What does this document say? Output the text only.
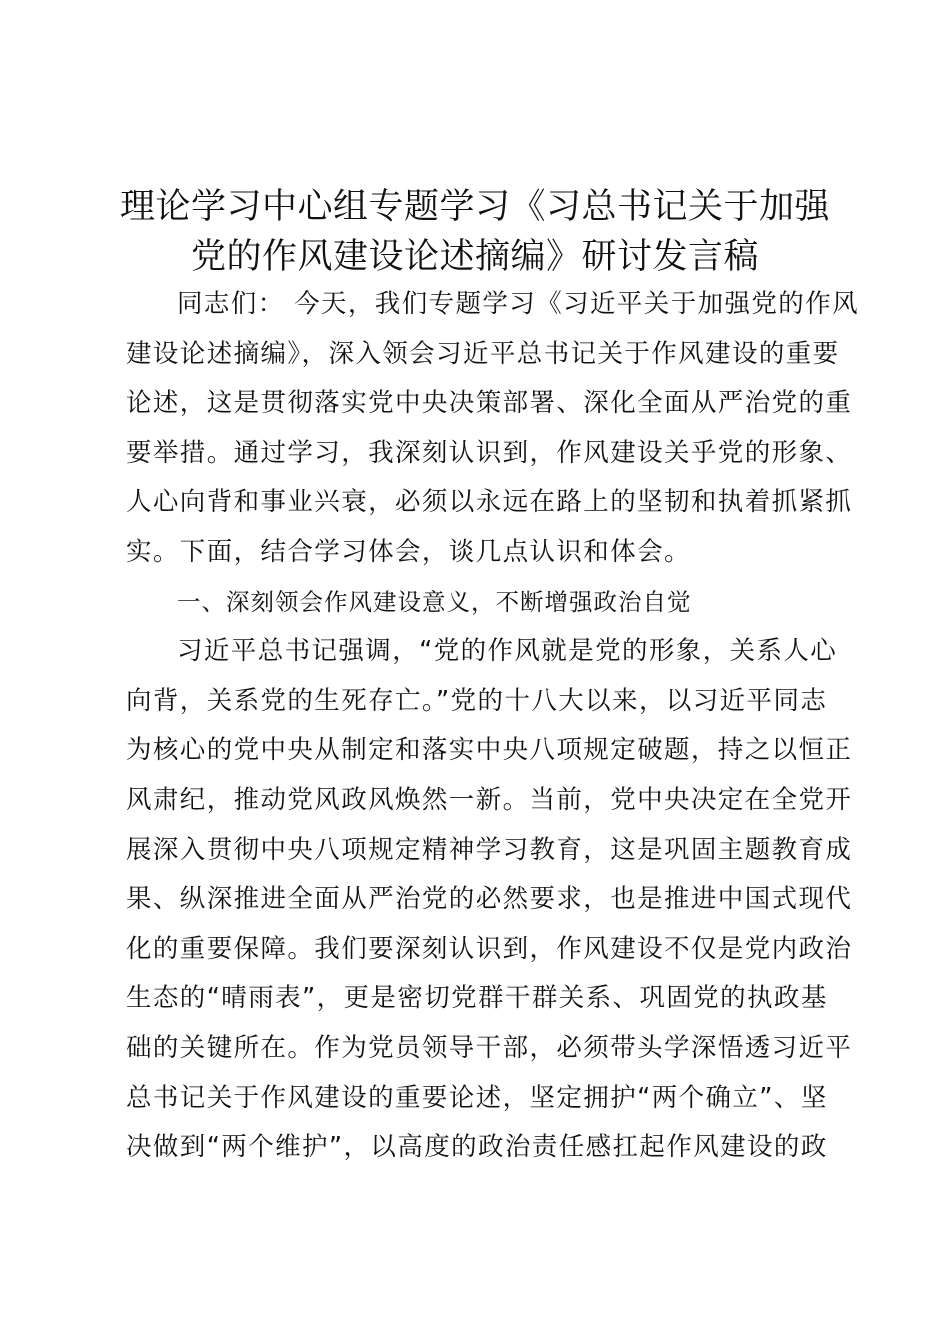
理论学习中心组专题学习《习总书记关于加强
党的作风建设论述摘编》研讨发言稿
同志们： 今天，我们专题学习《习近平关于加强党的作风
建设论述摘编》，深入领会习近平总书记关于作风建设的重要
论述，这是贯彻落实党中央决策部署、深化全面从严治党的重
要举措。通过学习，我深刻认识到，作风建设关乎党的形象、
人心向背和事业兴衰，必须以永远在路上的坚韧和执着抓紧抓
实。下面，结合学习体会，谈几点认识和体会。
一、深刻领会作风建设意义，不断增强政治自觉
习近平总书记强调，“党的作风就是党的形象，关系人心
向背，关系党的生死存亡。”党的十八大以来，以习近平同志
为核心的党中央从制定和落实中央八项规定破题，持之以恒正
风肃纪，推动党风政风焕然一新。当前，党中央决定在全党开
展深入贯彻中央八项规定精神学习教育，这是巩固主题教育成
果、纵深推进全面从严治党的必然要求，也是推进中国式现代
化的重要保障。我们要深刻认识到，作风建设不仅是党内政治
生态的“晴雨表”，更是密切党群干群关系、巩固党的执政基
础的关键所在。作为党员领导干部，必须带头学深悟透习近平
总书记关于作风建设的重要论述，坚定拥护“两个确立”、坚
决做到“两个维护”，以高度的政治责任感扛起作风建设的政
